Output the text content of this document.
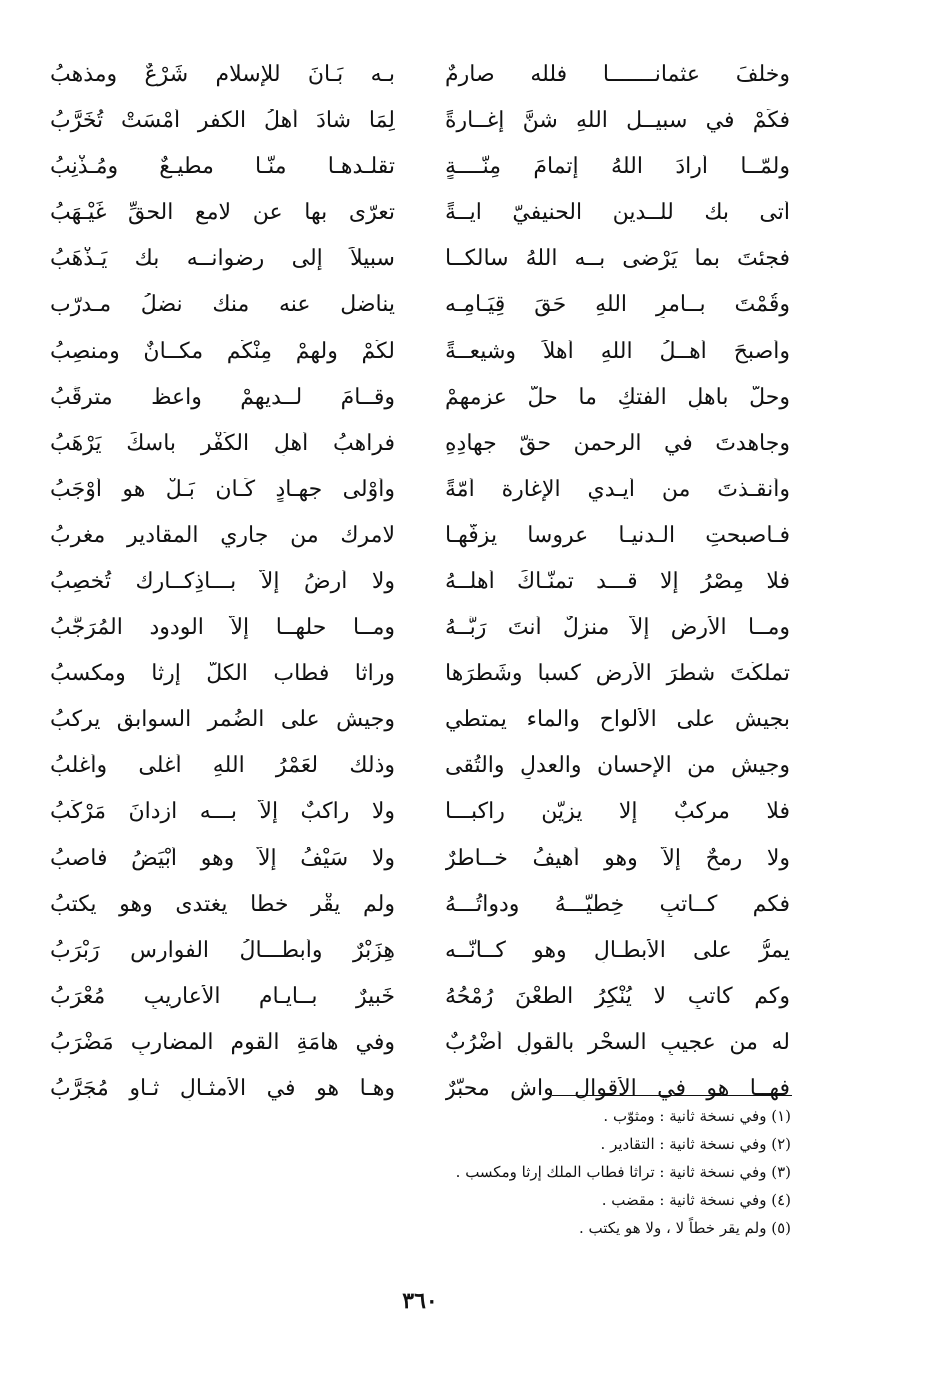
وخلّفَ عثمانـــــــاً فلله صارمٌ
بـه بَـانَ للإسلام شَرْعٌ ومذهبُ
فكَمْ في سبيــل اللهِ شنَّ إغــارةً
لِمَا شادَ أهلُ الكفر أمْسَتْ تُخَرَّبُ
ولمّــا أرادَ اللهُ إتمامَ مِنَّــــةٍ
تقلّـدهـا منّـا مطيـعٌ ومُـذْنِبُ
أتى بك للــدين الحنيفيّ آيــةً
تعرّى بها عن لامعِ الحقِّ غَيْـهَبُ
فجئتَ بما يَرْضى بــه اللهُ سالكــاً
سبيلاً إلى رضوانــه بك يَـذْهَبُ
وقُمْتَ بــأمرِ اللهِ حَقَ قِيَـامِـه
يناضل عنه منك نضلُ مـدرّب
وأصبحَ أهــلُ اللهِ أهلاً وشيعــةً
لكُمْ ولهمْ مِنْكُم مكــانٌ ومنصِبُ
وحلَّ بأهلِ الفتكِ ما حلَّ عزمهمْ
وقــامَ لــديهمْ واعظٌ مترقِّبُ
وجاهدتَ في الرحمن حقّ جهادِهِ
فراهبُ أهلِ الكُفْرِ بأسكَ يَرْهَبُ
وأنقـذتَ من أيـدي الإغارة أمّةً
وأَوْلى جهـادٍ كَـان بَـلْ هو أَوْجَبُ
فـأصبحتِ الـدنيـا عروساً يزفُّهـا
لامرك من جاري المقادير مغربُ
فلا مِصْرُ إلا قـــد تمنّـاكَ أهلــهُ
ولا أرضُ إلاّ بـــاذِكــارك تُخصِبُ
ومــا الأرض إلاّ منزلٌ أنتَ رَبُّــهُ
ومــا حلّهــا إلاّ الودود المُرَجَّبُ
تملكّتَ شطرَ الأرضِ كسباً وشَطْرَها
وراثاً فطاب الكلّ إرثاً ومكسبُ
بجيشٍ على الألواح والماء يمتطي
وجيشٍ على الضُمر السوابقِ يركبُ
وجيشٍ من الإحسان والعدلِ والتُقى
وذلك لَعَمْرُ اللهِ أغلى وأغلبُ
فلا مركبٌ إلا يزيّن راكبـــاً
ولا راكبٌ إلاّ بـــه ازدانَ مَرْكَبُ
ولا رمحٌ إلاّ وهو أهيفُ خــاطرٌ
ولا سَيْفُ إلاّ وهو أبْيَضُ فأصبُ
فكم كــاتبٍ خِطّيّـــهُ ودواتُـــهُ
ولم يقْرِ خطاً يغتدى وهو يكتبُ
يمرُّ على الأبطـالِ وهو كــأنّــه
هِزَبْرٌ وأبطـــالُ الفوارسِ رَبْرَبُ
وكم كاتبٍ لا يُنْكِرُ الطَعْنَ رُمْحُهُ
خَبيرٌ بــأيـامِ الأعاريبِ مُعْرَبُ
له من عجيبِ السحْرِ بالقولِ أَضْرُبٌ
وفي هامَةِ القومِ المضاربِ مَضْرَبُ
فهــا هو في الأقوالِ واشٍ محبّرٌ
وهـا هو في الأمثـالِ ثـاوٍ مُجَرَّبُ
(١) وفي نسخة ثانية : ومثوّب .
(٢) وفي نسخة ثانية : التقادير .
(٣) وفي نسخة ثانية : تراثا فطاب الملك إرثا ومكسب .
(٤) وفي نسخة ثانية : مقضب .
(٥) ولم يقر خطاً لا ، ولا هو يكتب .
٣٦٠
